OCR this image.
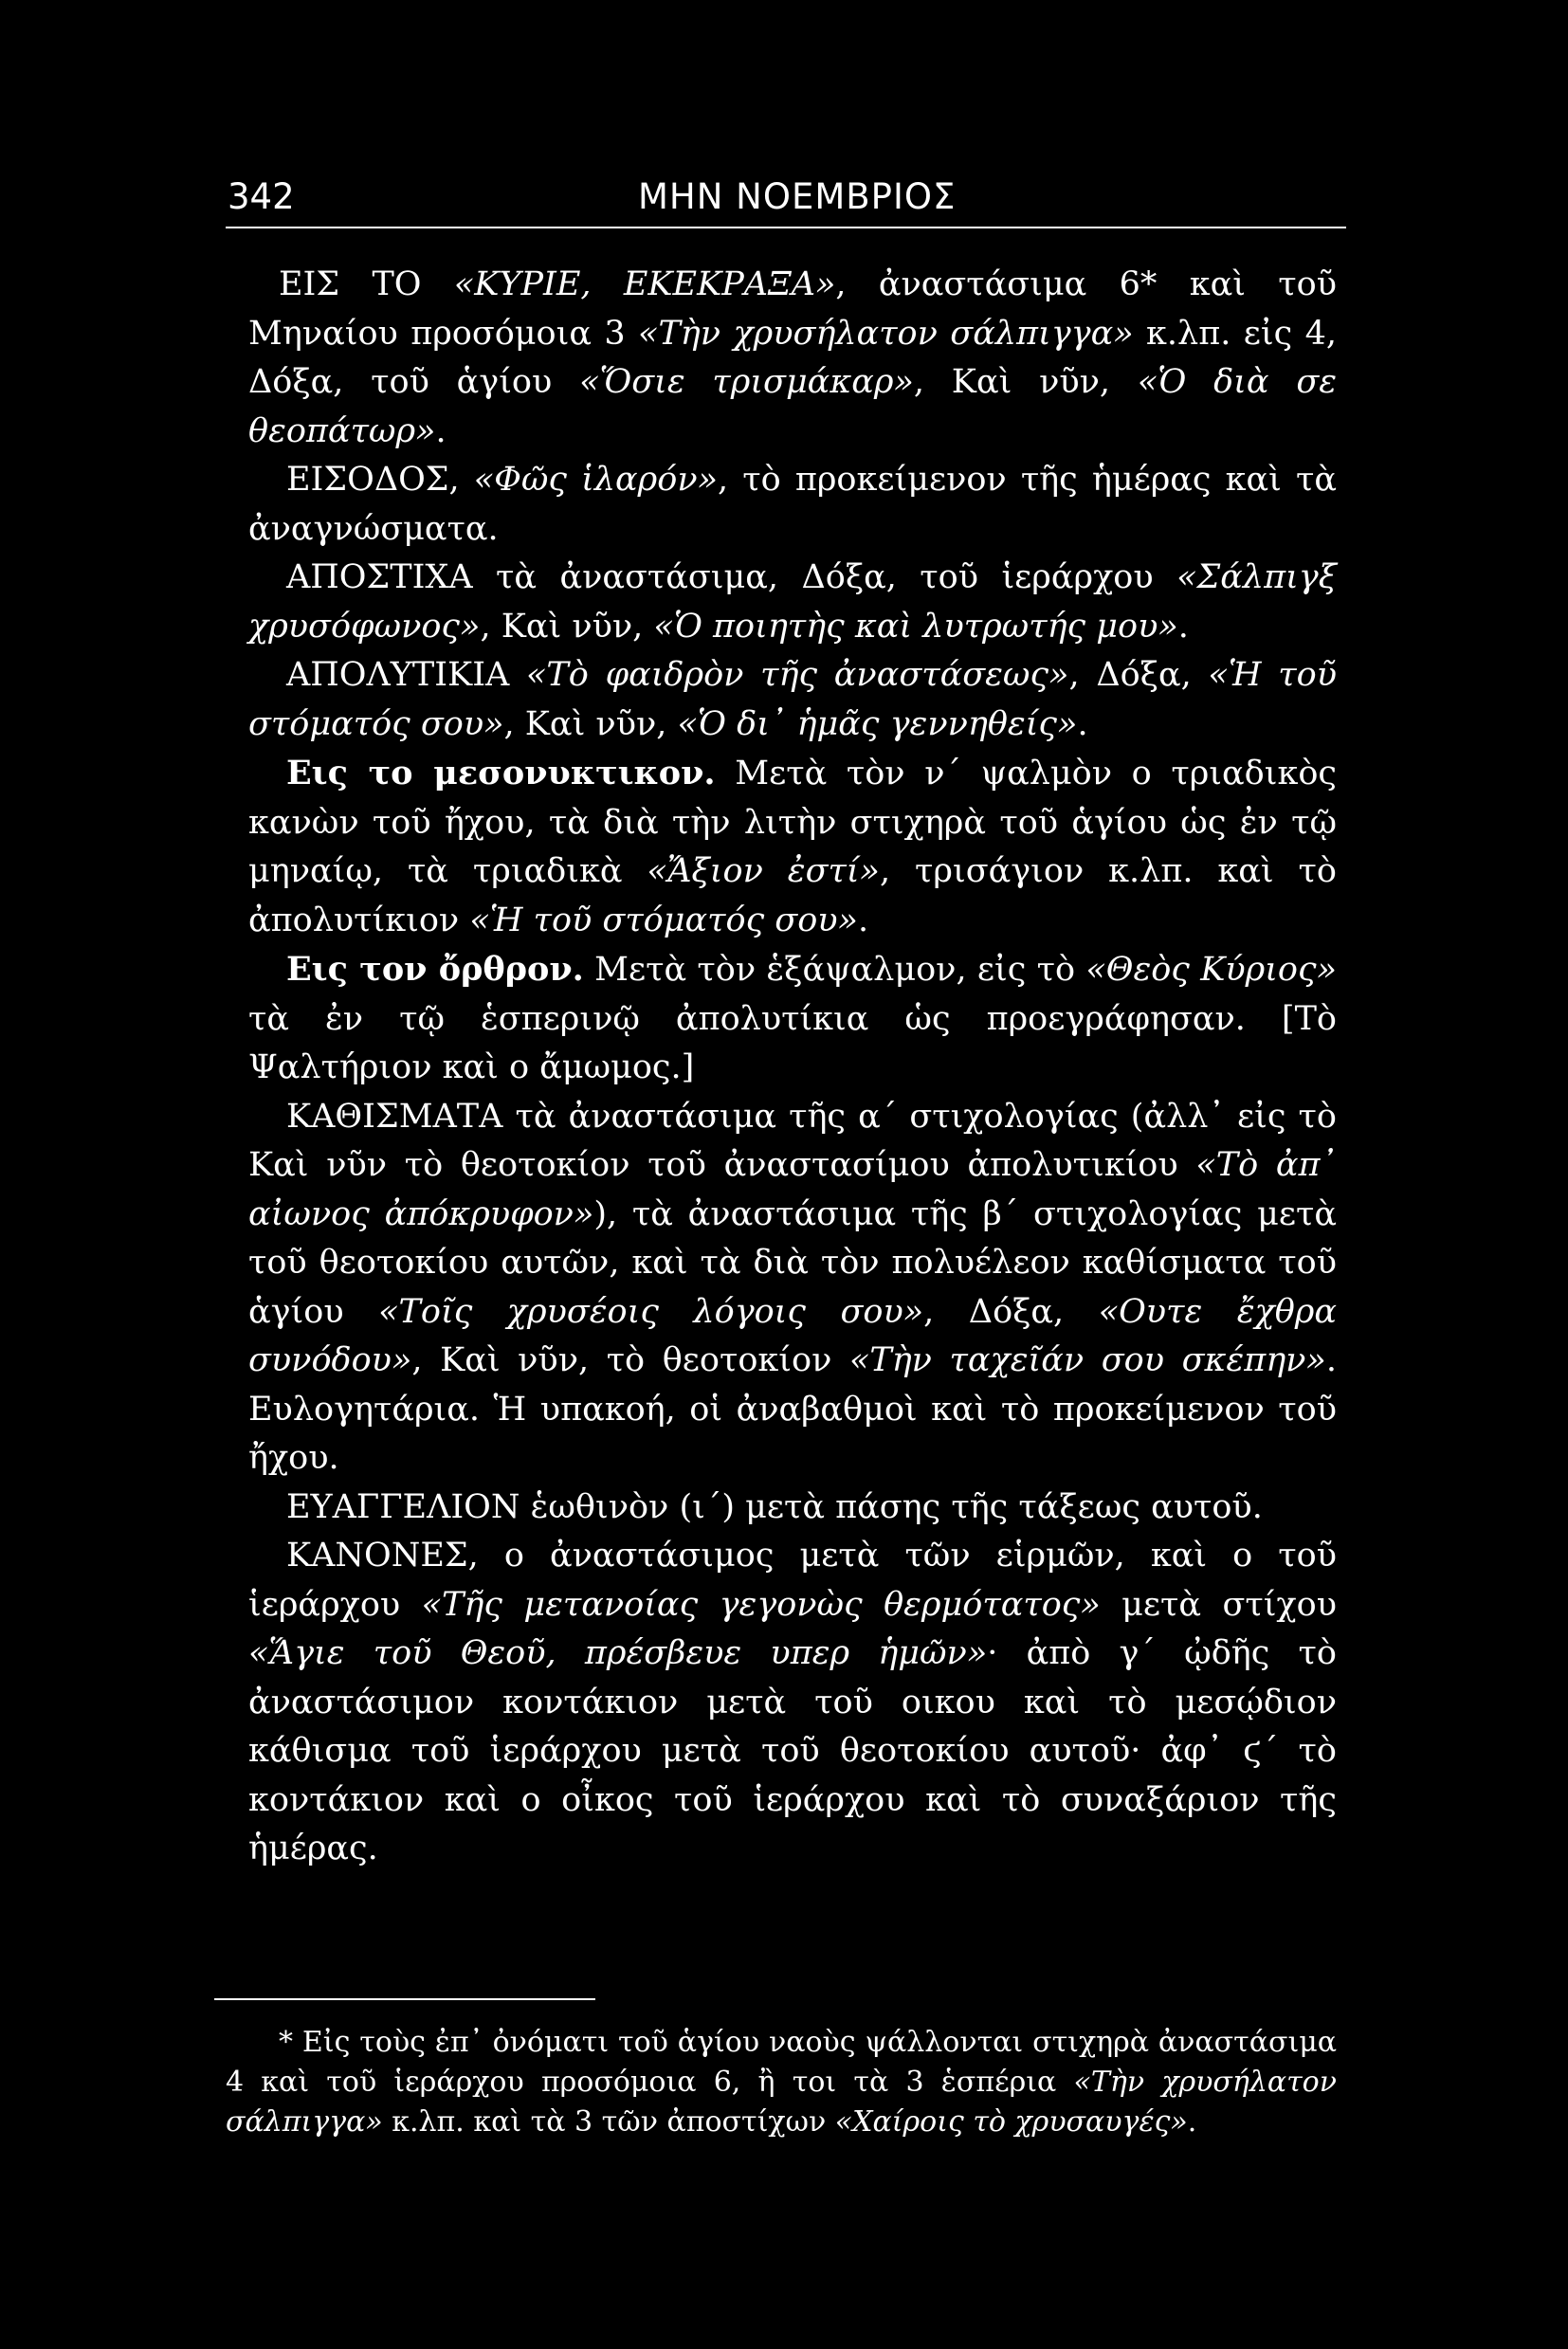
342	ΜΗΝ ΝΟΕΜΒΡΙΟΣ

ΕΙΣ ΤΟ «ΚΥΡΙΕ, ΕΚΕΚΡΑΞΑ», ἀναστάσιμα 6* καὶ τοῦ Μηναίου προσόμοια 3 «Τὴν χρυσήλατον σάλπιγγα» κ.λπ. εἰς 4, Δόξα, τοῦ ἁγίου «Ὅσιε τρισμάκαρ», Καὶ νῦν, «Ὁ διὰ σε θεοπάτωρ».

ΕΙΣΟΔΟΣ, «Φῶς ἱλαρόν», τὸ προκείμενον τῆς ἡμέρας καὶ τὰ ἀναγνώσματα.

ΑΠΟΣΤΙΧΑ τὰ ἀναστάσιμα, Δόξα, τοῦ ἱεράρχου «Σάλπιγξ χρυσόφωνος», Καὶ νῦν, «Ὁ ποιητὴς καὶ λυτρωτής μου».

ΑΠΟΛΥΤΙΚΙΑ «Τὸ φαιδρὸν τῆς ἀναστάσεως», Δόξα, «Ἡ τοῦ στόματός σου», Καὶ νῦν, «Ὁ δι᾽ ἡμᾶς γεννηθείς».

Εις το μεσονυκτικον. Μετὰ τὸν ν΄ ψαλμὸν ο τριαδικὸς κανὼν τοῦ ἤχου, τὰ διὰ τὴν λιτὴν στιχηρὰ τοῦ ἁγίου ὡς ἐν τῷ μηναίῳ, τὰ τριαδικὰ «Ἄξιον ἐστί», τρισάγιον κ.λπ. καὶ τὸ ἀπολυτίκιον «Ἡ τοῦ στόματός σου».

Εις τον ὄρθρον. Μετὰ τὸν ἑξάψαλμον, εἰς τὸ «Θεὸς Κύριος» τὰ ἐν τῷ ἑσπερινῷ ἀπολυτίκια ὡς προεγράφησαν. [Τὸ Ψαλτήριον καὶ ο ἄμωμος.]

ΚΑΘΙΣΜΑΤΑ τὰ ἀναστάσιμα τῆς α΄ στιχολογίας (ἀλλ᾽ εἰς τὸ Καὶ νῦν τὸ θεοτοκίον τοῦ ἀναστασίμου ἀπολυτικίου «Τὸ ἀπ᾽ αἰωνος ἀπόκρυφον»), τὰ ἀναστάσιμα τῆς β΄ στιχολογίας μετὰ τοῦ θεοτοκίου αυτῶν, καὶ τὰ διὰ τὸν πολυέλεον καθίσματα τοῦ ἁγίου «Τοῖς χρυσέοις λόγοις σου», Δόξα, «Ουτε ἔχθρα συνόδου», Καὶ νῦν, τὸ θεοτοκίον «Τὴν ταχεῖάν σου σκέπην». Ευλογητάρια. Ἡ υπακοή, οἱ ἀναβαθμοὶ καὶ τὸ προκείμενον τοῦ ἤχου.

ΕΥΑΓΓΕΛΙΟΝ ἑωθινὸν (ι΄) μετὰ πάσης τῆς τάξεως αυτοῦ.

ΚΑΝΟΝΕΣ, ο ἀναστάσιμος μετὰ τῶν εἱρμῶν, καὶ ο τοῦ ἱεράρχου «Τῆς μετανοίας γεγονὼς θερμότατος» μετὰ στίχου «Ἅγιε τοῦ Θεοῦ, πρέσβευε υπερ ἡμῶν»· ἀπὸ γ΄ ᾠδῆς τὸ ἀναστάσιμον κοντάκιον μετὰ τοῦ οικου καὶ τὸ μεσῴδιον κάθισμα τοῦ ἱεράρχου μετὰ τοῦ θεοτοκίου αυτοῦ· ἀφ᾽ ϛ΄ τὸ κοντάκιον καὶ ο οἶκος τοῦ ἱεράρχου καὶ τὸ συναξάριον τῆς ἡμέρας.

* Εἰς τοὺς ἐπ᾽ ὀνόματι τοῦ ἁγίου ναοὺς ψάλλονται στιχηρὰ ἀναστάσιμα 4 καὶ τοῦ ἱεράρχου προσόμοια 6, ἢ τοι τὰ 3 ἑσπέρια «Τὴν χρυσήλατον σάλπιγγα» κ.λπ. καὶ τὰ 3 τῶν ἀποστίχων «Χαίροις τὸ χρυσαυγές».
